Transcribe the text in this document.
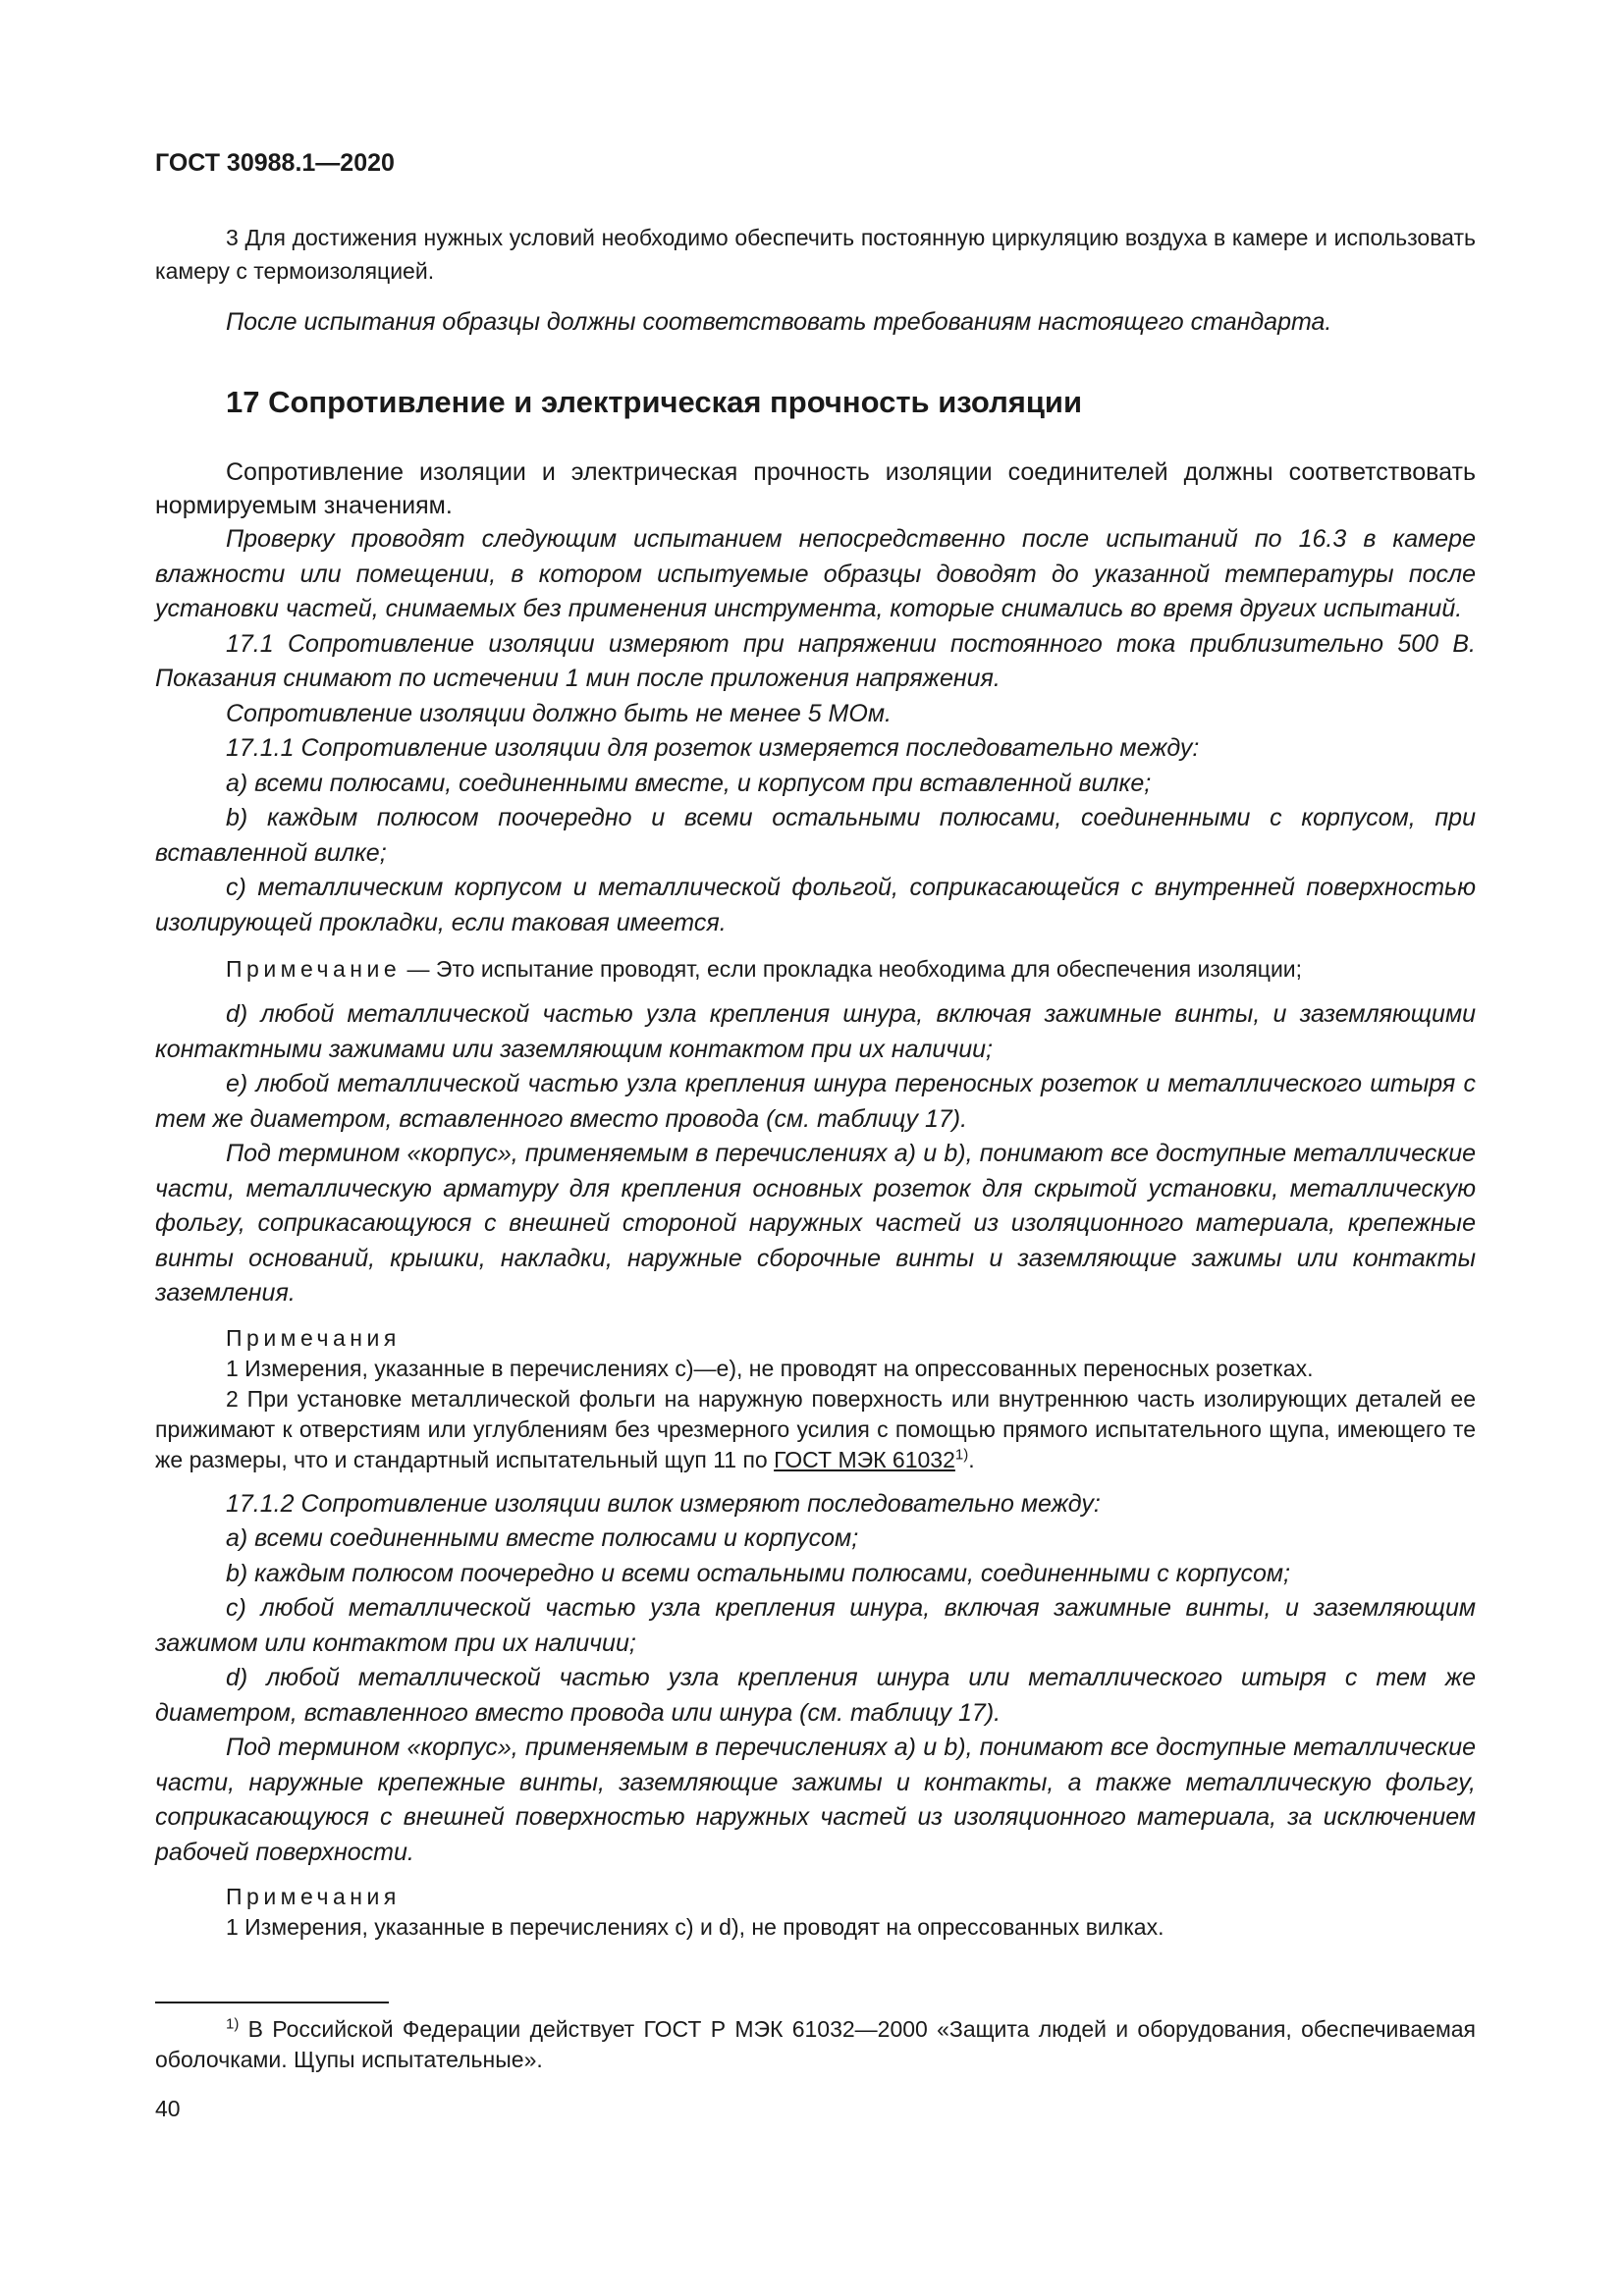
ГОСТ 30988.1—2020

3 Для достижения нужных условий необходимо обеспечить постоянную циркуляцию воздуха в камере и использовать камеру с термоизоляцией.

После испытания образцы должны соответствовать требованиям настоящего стандарта.

17 Сопротивление и электрическая прочность изоляции

Сопротивление изоляции и электрическая прочность изоляции соединителей должны соответствовать нормируемым значениям.

Проверку проводят следующим испытанием непосредственно после испытаний по 16.3 в камере влажности или помещении, в котором испытуемые образцы доводят до указанной температуры после установки частей, снимаемых без применения инструмента, которые снимались во время других испытаний.

17.1 Сопротивление изоляции измеряют при напряжении постоянного тока приблизительно 500 В. Показания снимают по истечении 1 мин после приложения напряжения.

Сопротивление изоляции должно быть не менее 5 МОм.

17.1.1 Сопротивление изоляции для розеток измеряется последовательно между:

a) всеми полюсами, соединенными вместе, и корпусом при вставленной вилке;

b) каждым полюсом поочередно и всеми остальными полюсами, соединенными с корпусом, при вставленной вилке;

c) металлическим корпусом и металлической фольгой, соприкасающейся с внутренней поверхностью изолирующей прокладки, если таковая имеется.

Примечание — Это испытание проводят, если прокладка необходима для обеспечения изоляции;

d) любой металлической частью узла крепления шнура, включая зажимные винты, и заземляющими контактными зажимами или заземляющим контактом при их наличии;

e) любой металлической частью узла крепления шнура переносных розеток и металлического штыря с тем же диаметром, вставленного вместо провода (см. таблицу 17).

Под термином «корпус», применяемым в перечислениях a) и b), понимают все доступные металлические части, металлическую арматуру для крепления основных розеток для скрытой установки, металлическую фольгу, соприкасающуюся с внешней стороной наружных частей из изоляционного материала, крепежные винты оснований, крышки, накладки, наружные сборочные винты и заземляющие зажимы или контакты заземления.

Примечания

1 Измерения, указанные в перечислениях c)—e), не проводят на опрессованных переносных розетках.

2 При установке металлической фольги на наружную поверхность или внутреннюю часть изолирующих деталей ее прижимают к отверстиям или углублениям без чрезмерного усилия с помощью прямого испытательного щупа, имеющего те же размеры, что и стандартный испытательный щуп 11 по ГОСТ МЭК 61032$^{1)}$.

17.1.2 Сопротивление изоляции вилок измеряют последовательно между:

a) всеми соединенными вместе полюсами и корпусом;

b) каждым полюсом поочередно и всеми остальными полюсами, соединенными с корпусом;

c) любой металлической частью узла крепления шнура, включая зажимные винты, и заземляющим зажимом или контактом при их наличии;

d) любой металлической частью узла крепления шнура или металлического штыря с тем же диаметром, вставленного вместо провода или шнура (см. таблицу 17).

Под термином «корпус», применяемым в перечислениях a) и b), понимают все доступные металлические части, наружные крепежные винты, заземляющие зажимы и контакты, а также металлическую фольгу, соприкасающуюся с внешней поверхностью наружных частей из изоляционного материала, за исключением рабочей поверхности.

Примечания

1 Измерения, указанные в перечислениях c) и d), не проводят на опрессованных вилках.

$^{1)}$ В Российской Федерации действует ГОСТ Р МЭК 61032—2000 «Защита людей и оборудования, обеспечиваемая оболочками. Щупы испытательные».

40
